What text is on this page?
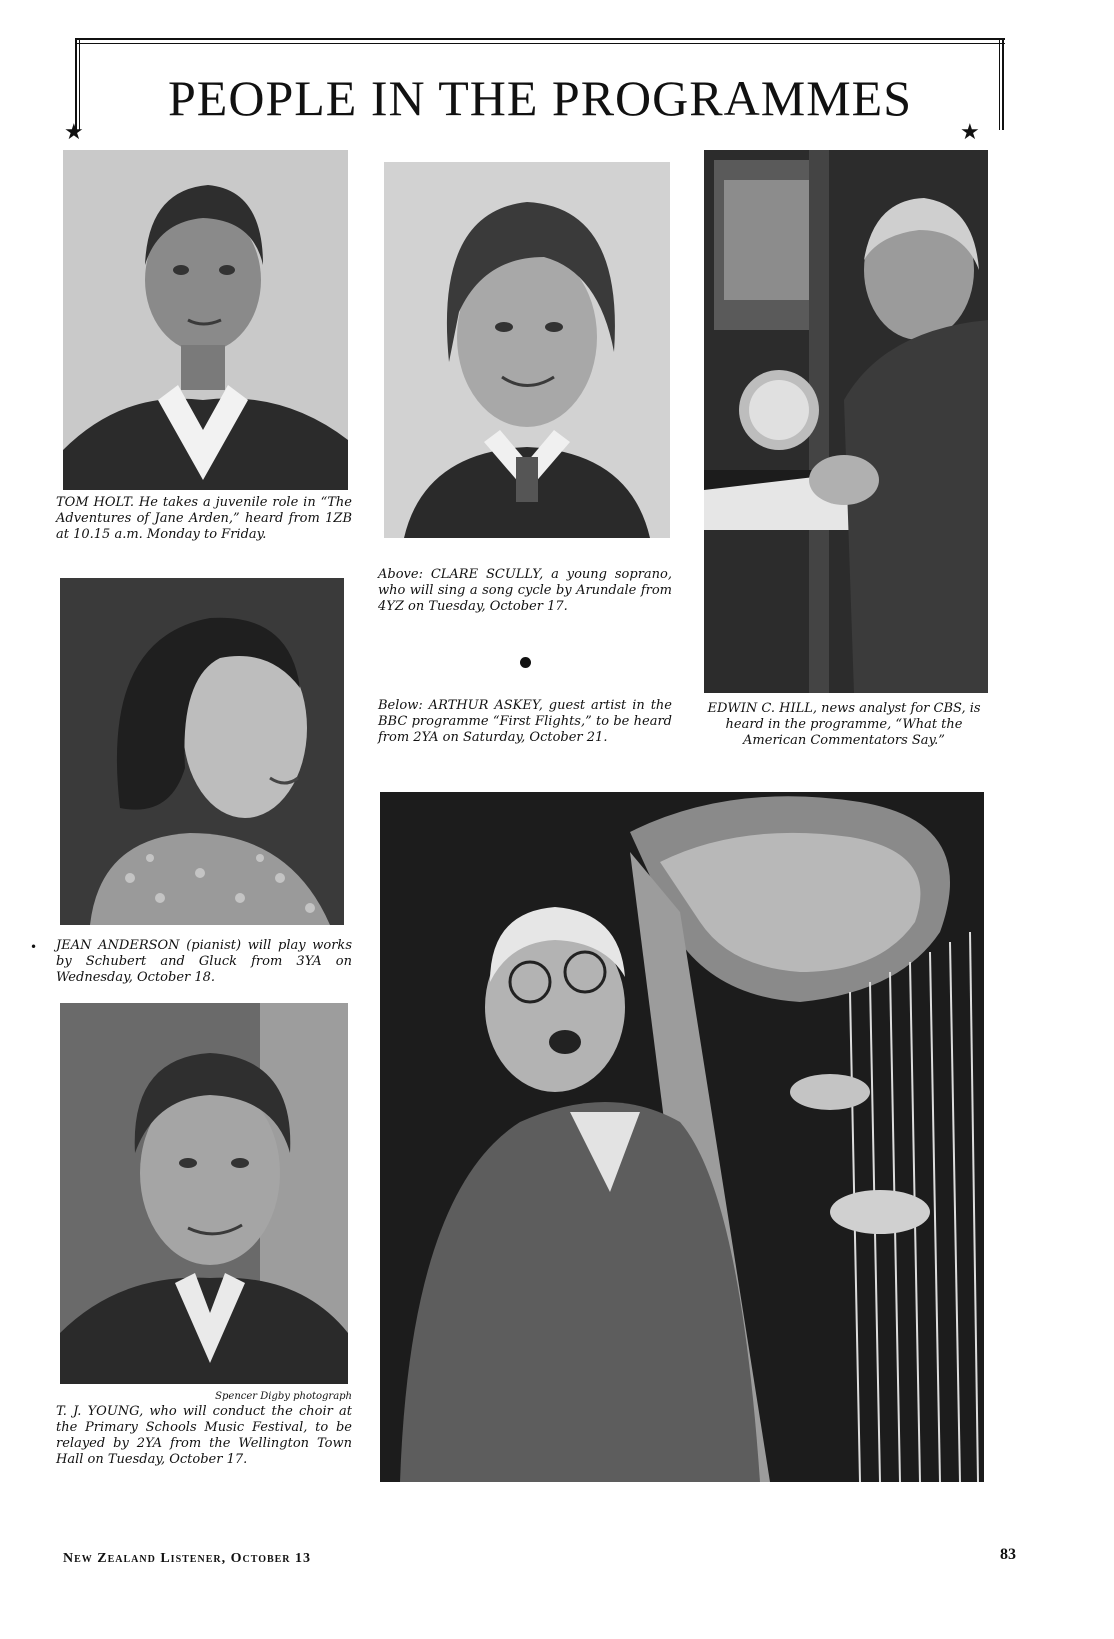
★	★
PEOPLE IN THE PROGRAMMES

TOM HOLT. He takes a juvenile role in “The Adventures of Jane Arden,” heard from 1ZB at 10.15 a.m. Monday to Friday.

Above: CLARE SCULLY, a young soprano, who will sing a song cycle by Arundale from 4YZ on Tuesday, October 17.

Below: ARTHUR ASKEY, guest artist in the BBC programme “First Flights,” to be heard from 2YA on Saturday, October 21.

EDWIN C. HILL, news analyst for CBS, is heard in the programme, “What the American Commentators Say.”

• JEAN ANDERSON (pianist) will play works by Schubert and Gluck from 3YA on Wednesday, October 18.

Spencer Digby photograph

T. J. YOUNG, who will conduct the choir at the Primary Schools Music Festival, to be relayed by 2YA from the Wellington Town Hall on Tuesday, October 17.

New Zealand Listener, October 13	83
